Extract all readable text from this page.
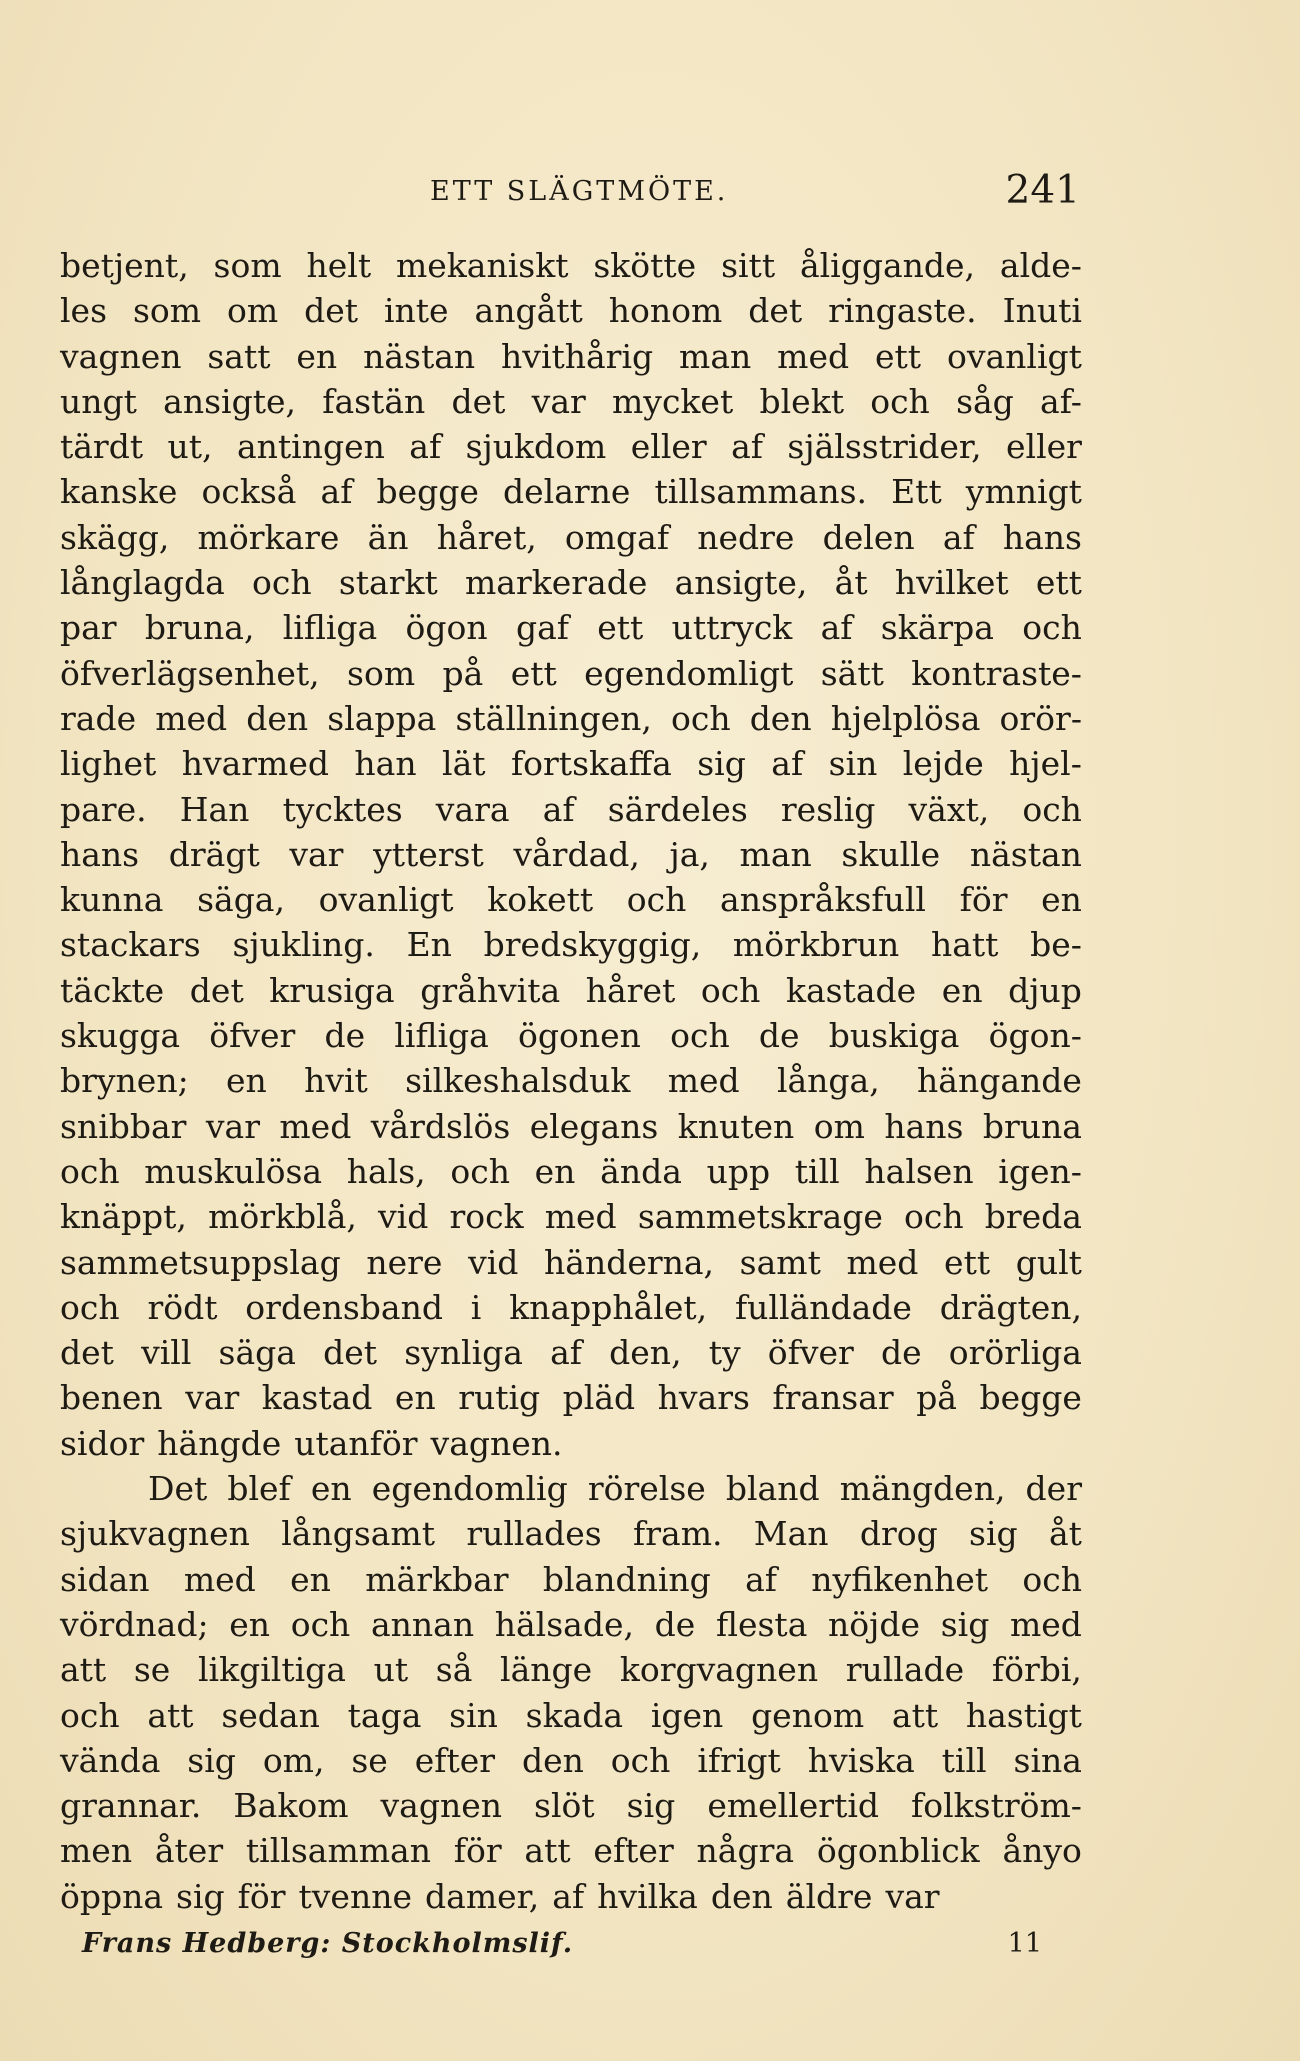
ETT SLÄGTMÖTE.	241
betjent, som helt mekaniskt skötte sitt åliggande, alde-
les som om det inte angått honom det ringaste. Inuti
vagnen satt en nästan hvithårig man med ett ovanligt
ungt ansigte, fastän det var mycket blekt och såg af-
tärdt ut, antingen af sjukdom eller af själsstrider, eller
kanske också af begge delarne tillsammans. Ett ymnigt
skägg, mörkare än håret, omgaf nedre delen af hans
långlagda och starkt markerade ansigte, åt hvilket ett
par bruna, lifliga ögon gaf ett uttryck af skärpa och
öfverlägsenhet, som på ett egendomligt sätt kontraste-
rade med den slappa ställningen, och den hjelplösa orör-
lighet hvarmed han lät fortskaffa sig af sin lejde hjel-
pare. Han tycktes vara af särdeles reslig växt, och
hans drägt var ytterst vårdad, ja, man skulle nästan
kunna säga, ovanligt kokett och anspråksfull för en
stackars sjukling. En bredskyggig, mörkbrun hatt be-
täckte det krusiga gråhvita håret och kastade en djup
skugga öfver de lifliga ögonen och de buskiga ögon-
brynen; en hvit silkeshalsduk med långa, hängande
snibbar var med vårdslös elegans knuten om hans bruna
och muskulösa hals, och en ända upp till halsen igen-
knäppt, mörkblå, vid rock med sammetskrage och breda
sammetsuppslag nere vid händerna, samt med ett gult
och rödt ordensband i knapphålet, fulländade drägten,
det vill säga det synliga af den, ty öfver de orörliga
benen var kastad en rutig pläd hvars fransar på begge
sidor hängde utanför vagnen.
Det blef en egendomlig rörelse bland mängden, der
sjukvagnen långsamt rullades fram. Man drog sig åt
sidan med en märkbar blandning af nyfikenhet och
vördnad; en och annan hälsade, de flesta nöjde sig med
att se likgiltiga ut så länge korgvagnen rullade förbi,
och att sedan taga sin skada igen genom att hastigt
vända sig om, se efter den och ifrigt hviska till sina
grannar. Bakom vagnen slöt sig emellertid folkström-
men åter tillsamman för att efter några ögonblick ånyo
öppna sig för tvenne damer, af hvilka den äldre var
Frans Hedberg: Stockholmslif.	11
